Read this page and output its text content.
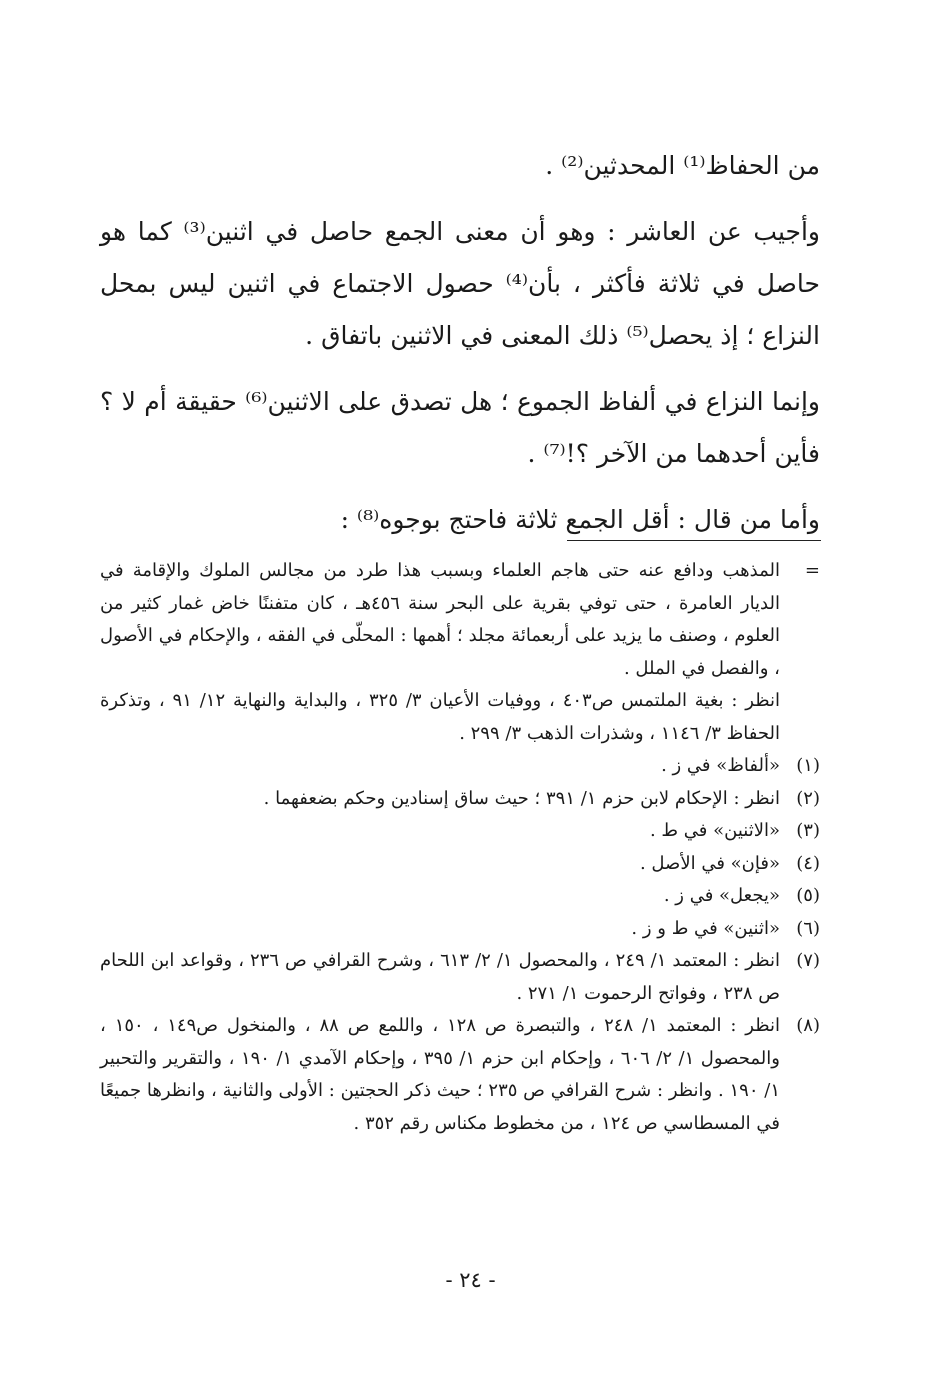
من الحفاظ⁽¹⁾ المحدثين⁽²⁾ .

وأجيب عن العاشر : وهو أن معنى الجمع حاصل في اثنين⁽³⁾ كما هو حاصل في ثلاثة فأكثر ، بأن⁽⁴⁾ حصول الاجتماع في اثنين ليس بمحل النزاع ؛ إذ يحصل⁽⁵⁾ ذلك المعنى في الاثنين باتفاق .

وإنما النزاع في ألفاظ الجموع ؛ هل تصدق على الاثنين⁽⁶⁾ حقيقة أم لا ؟ فأين أحدهما من الآخر ؟!⁽⁷⁾ .

وأما من قال : أقل الجمع ثلاثة فاحتج بوجوه⁽⁸⁾ :

=
المذهب ودافع عنه حتى هاجم العلماء وبسبب هذا طرد من مجالس الملوك والإقامة في الديار العامرة ، حتى توفي بقرية على البحر سنة ٤٥٦هـ ، كان متفننًا خاض غمار كثير من العلوم ، وصنف ما يزيد على أربعمائة مجلد ؛ أهمها : المحلّى في الفقه ، والإحكام في الأصول ، والفصل في الملل .
انظر : بغية الملتمس ص٤٠٣ ، ووفيات الأعيان ٣/ ٣٢٥ ، والبداية والنهاية ١٢/ ٩١ ، وتذكرة الحفاظ ٣/ ١١٤٦ ، وشذرات الذهب ٣/ ٢٩٩ .
(١)
«ألفاظ» في ز .
(٢)
انظر : الإحكام لابن حزم ١/ ٣٩١ ؛ حيث ساق إسنادين وحكم بضعفهما .
(٣)
«الاثنين» في ط .
(٤)
«فإن» في الأصل .
(٥)
«يجعل» في ز .
(٦)
«اثنين» في ط و ز .
(٧)
انظر : المعتمد ١/ ٢٤٩ ، والمحصول ١/ ٢/ ٦١٣ ، وشرح القرافي ص ٢٣٦ ، وقواعد ابن اللحام ص ٢٣٨ ، وفواتح الرحموت ١/ ٢٧١ .
(٨)
انظر : المعتمد ١/ ٢٤٨ ، والتبصرة ص ١٢٨ ، واللمع ص ٨٨ ، والمنخول ص١٤٩ ، ١٥٠ ، والمحصول ١/ ٢/ ٦٠٦ ، وإحكام ابن حزم ١/ ٣٩٥ ، وإحكام الآمدي ١/ ١٩٠ ، والتقرير والتحبير ١/ ١٩٠ . وانظر : شرح القرافي ص ٢٣٥ ؛ حيث ذكر الحجتين : الأولى والثانية ، وانظرها جميعًا في المسطاسي ص ١٢٤ ، من مخطوط مكناس رقم ٣٥٢ .
- ٢٤ -
